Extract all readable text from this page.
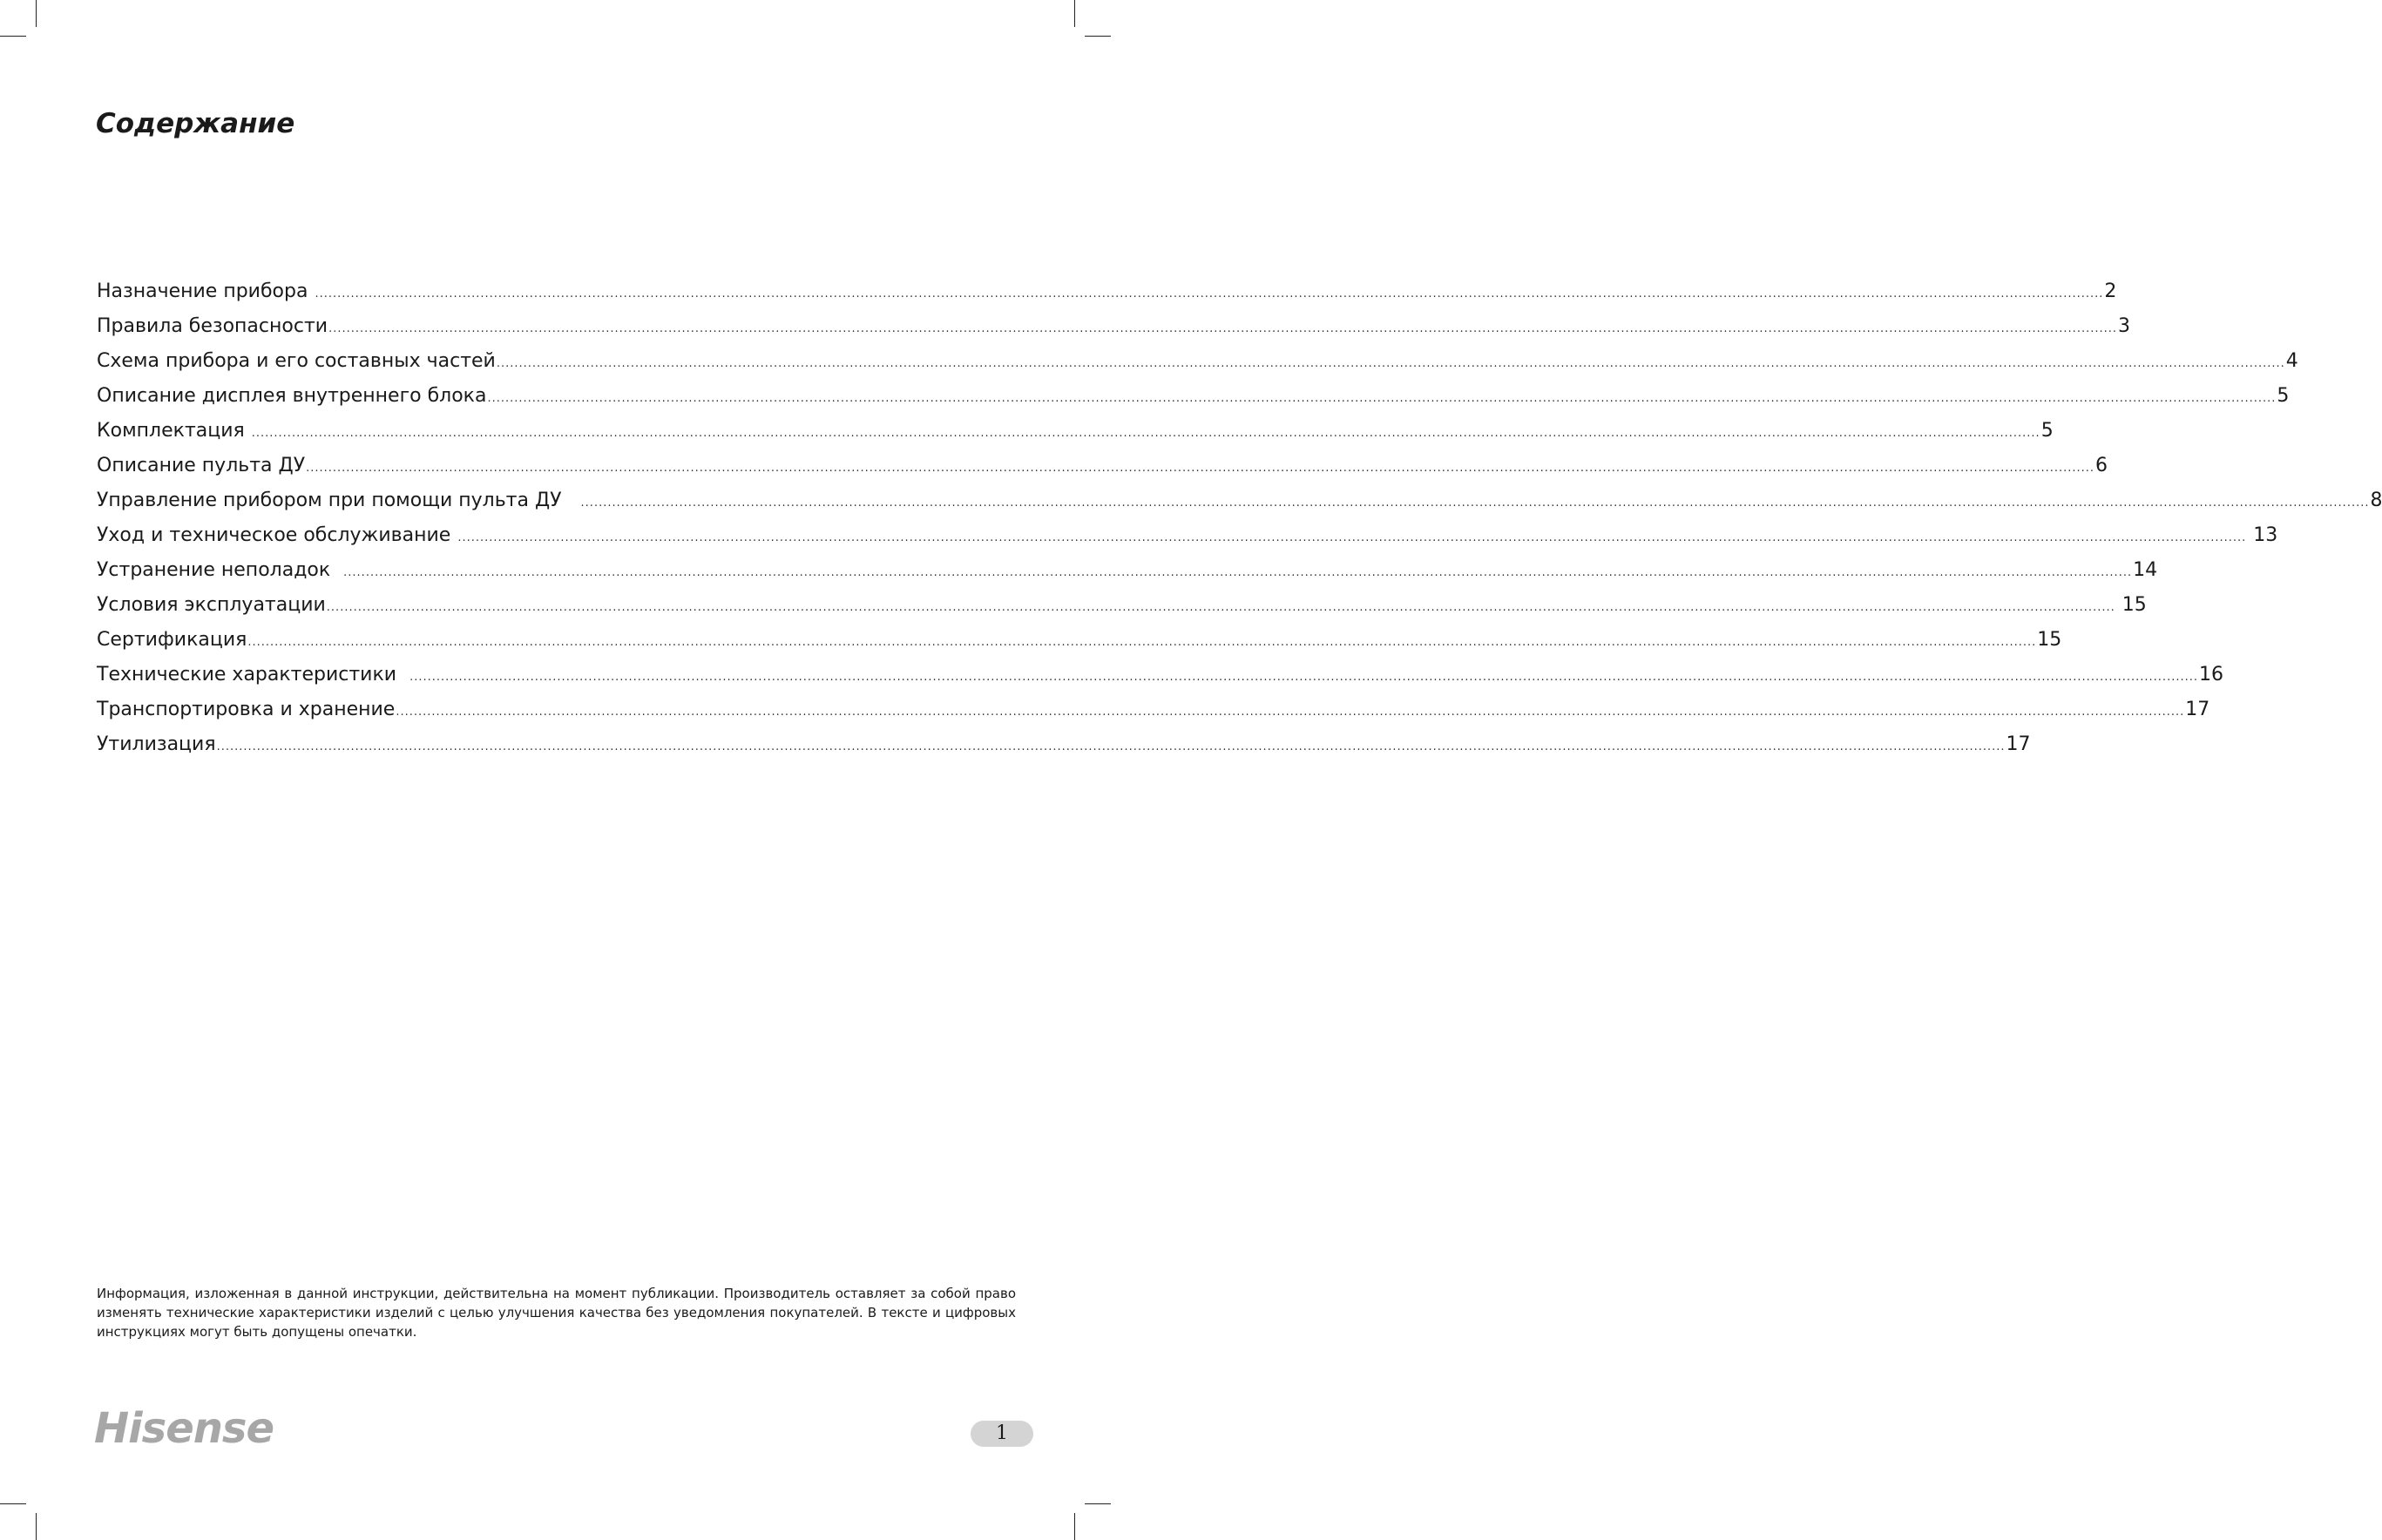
Содержание
Назначение прибора ................................................................................................................................................................................................................................................................................................................................................................................................................ 2
Правила безопасности ................................................................................................................................................................................................................................................................................................................................................................................................................ 3
Схема прибора и его составных частей ................................................................................................................................................................................................................................................................................................................................................................................................................ 4
Описание дисплея внутреннего блока ................................................................................................................................................................................................................................................................................................................................................................................................................ 5
Комплектация ................................................................................................................................................................................................................................................................................................................................................................................................................ 5
Описание пульта ДУ ................................................................................................................................................................................................................................................................................................................................................................................................................ 6
Управление прибором при помощи пульта ДУ ................................................................................................................................................................................................................................................................................................................................................................................................................ 8
Уход и техническое обслуживание ................................................................................................................................................................................................................................................................................................................................................................................................................ 13
Устранение неполадок ................................................................................................................................................................................................................................................................................................................................................................................................................ 14
Условия эксплуатации ................................................................................................................................................................................................................................................................................................................................................................................................................ 15
Сертификация ................................................................................................................................................................................................................................................................................................................................................................................................................ 15
Технические характеристики ................................................................................................................................................................................................................................................................................................................................................................................................................ 16
Транспортировка и хранение ................................................................................................................................................................................................................................................................................................................................................................................................................ 17
Утилизация ................................................................................................................................................................................................................................................................................................................................................................................................................ 17

Информация, изложенная в данной инструкции, действительна на момент публикации. Производитель оставляет за собой право изменять технические характеристики изделий с целью улучшения качества без уведомления покупателей. В тексте и цифровых инструкциях могут быть допущены опечатки.

Hisense	1
